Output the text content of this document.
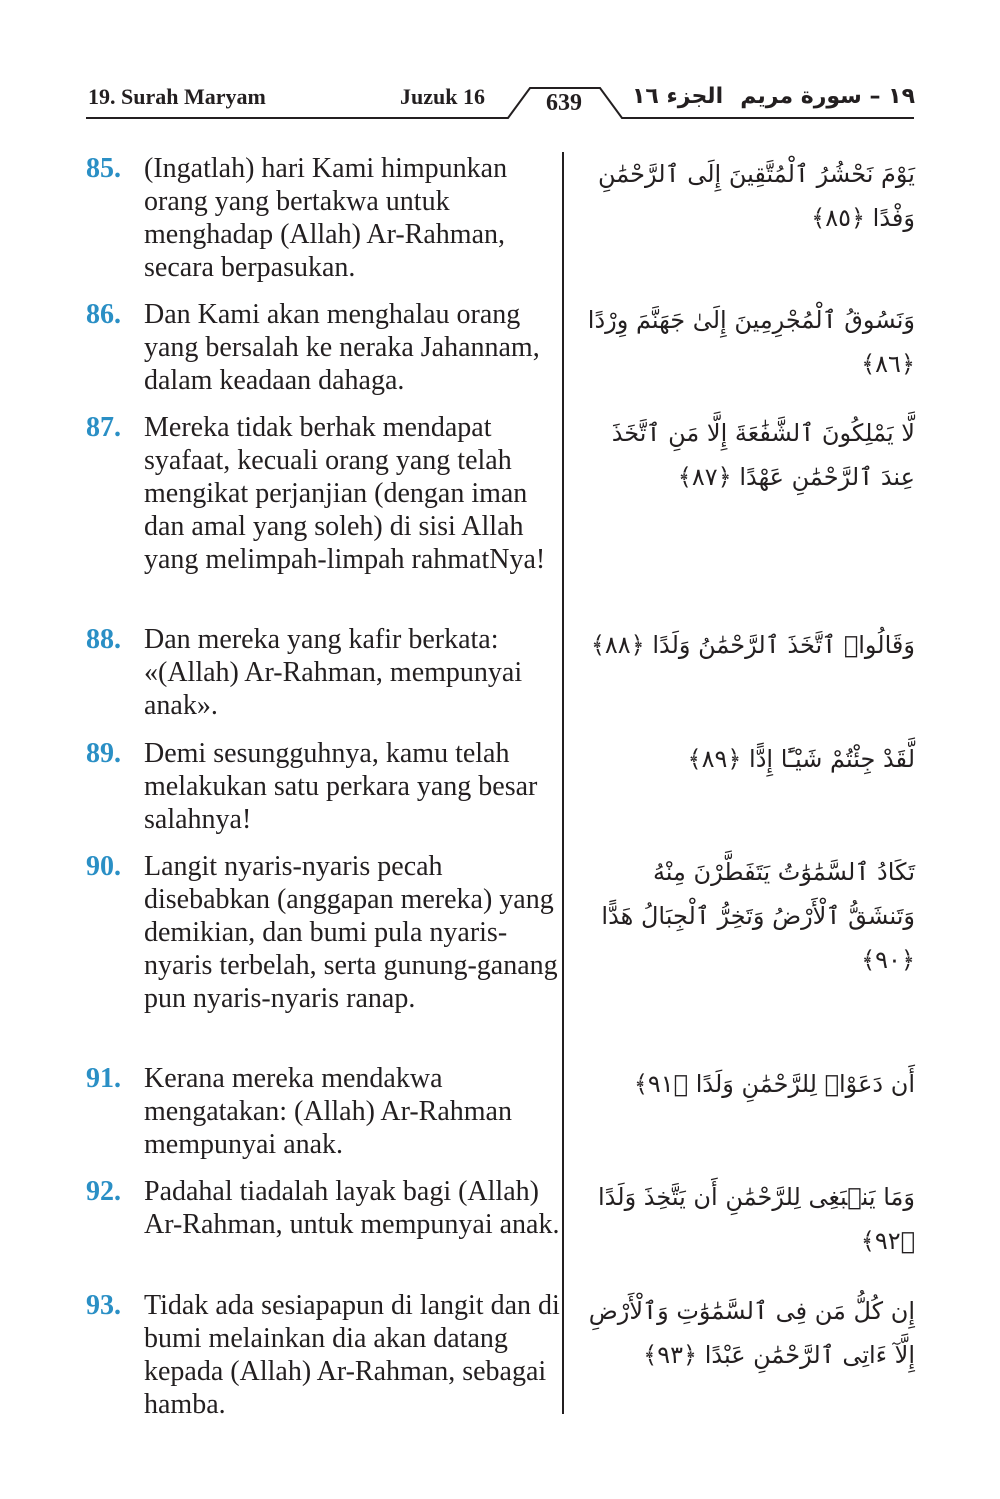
19. Surah Maryam	Juzuk 16	639	الجزء ١٦ ١٩ – سورة مريم
85. (Ingatlah) hari Kami himpunkan orang yang bertakwa untuk menghadap (Allah) Ar-Rahman, secara berpasukan.
يَوْمَ نَحْشُرُ ٱلْمُتَّقِينَ إِلَى ٱلرَّحْمَٰنِ وَفْدًا ﴿٨٥﴾
86. Dan Kami akan menghalau orang yang bersalah ke neraka Jahannam, dalam keadaan dahaga.
وَنَسُوقُ ٱلْمُجْرِمِينَ إِلَىٰ جَهَنَّمَ وِرْدًا ﴿٨٦﴾
87. Mereka tidak berhak mendapat syafaat, kecuali orang yang telah mengikat perjanjian (dengan iman dan amal yang soleh) di sisi Allah yang melimpah-limpah rahmatNya!
لَّا يَمْلِكُونَ ٱلشَّفَٰعَةَ إِلَّا مَنِ ٱتَّخَذَ عِندَ ٱلرَّحْمَٰنِ عَهْدًا ﴿٨٧﴾
88. Dan mereka yang kafir berkata: «(Allah) Ar-Rahman, mempunyai anak».
وَقَالُوا۟ ٱتَّخَذَ ٱلرَّحْمَٰنُ وَلَدًا ﴿٨٨﴾
89. Demi sesungguhnya, kamu telah melakukan satu perkara yang besar salahnya!
لَّقَدْ جِئْتُمْ شَيْـًٔا إِدًّا ﴿٨٩﴾
90. Langit nyaris-nyaris pecah disebabkan (anggapan mereka) yang demikian, dan bumi pula nyaris-nyaris terbelah, serta gunung-ganang pun nyaris-nyaris ranap.
تَكَادُ ٱلسَّمَٰوَٰتُ يَتَفَطَّرْنَ مِنْهُ وَتَنشَقُّ ٱلْأَرْضُ وَتَخِرُّ ٱلْجِبَالُ هَدًّا ﴿٩٠﴾
91. Kerana mereka mendakwa mengatakan: (Allah) Ar-Rahman mempunyai anak.
أَن دَعَوْا۟ لِلرَّحْمَٰنِ وَلَدًا ﴿٩١﴾
92. Padahal tiadalah layak bagi (Allah) Ar-Rahman, untuk mempunyai anak.
وَمَا يَنۢبَغِى لِلرَّحْمَٰنِ أَن يَتَّخِذَ وَلَدًا ﴿٩٢﴾
93. Tidak ada sesiapapun di langit dan di bumi melainkan dia akan datang kepada (Allah) Ar-Rahman, sebagai hamba.
إِن كُلُّ مَن فِى ٱلسَّمَٰوَٰتِ وَٱلْأَرْضِ إِلَّآ ءَاتِى ٱلرَّحْمَٰنِ عَبْدًا ﴿٩٣﴾
